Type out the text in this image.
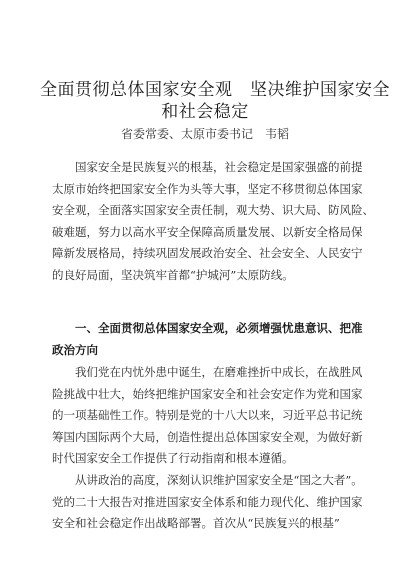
全面贯彻总体国家安全观　坚决维护国家安全
和社会稳定
省委常委、太原市委书记　韦韬
国家安全是民族复兴的根基，社会稳定是国家强盛的前提
太原市始终把国家安全作为头等大事，坚定不移贯彻总体国家
安全观，全面落实国家安全责任制，观大势、识大局、防风险、
破难题，努力以高水平安全保障高质量发展、以新安全格局保
障新发展格局，持续巩固发展政治安全、社会安全、人民安宁
的良好局面，坚决筑牢首都“护城河”太原防线。
一、全面贯彻总体国家安全观，必须增强忧患意识、把准
政治方向
我们党在内忧外患中诞生，在磨难挫折中成长，在战胜风
险挑战中壮大，始终把维护国家安全和社会安定作为党和国家
的一项基础性工作。特别是党的十八大以来，习近平总书记统
筹国内国际两个大局，创造性提出总体国家安全观，为做好新
时代国家安全工作提供了行动指南和根本遵循。
从讲政治的高度，深刻认识维护国家安全是“国之大者”。
党的二十大报告对推进国家安全体系和能力现代化、维护国家
安全和社会稳定作出战略部署。首次从“民族复兴的根基”
